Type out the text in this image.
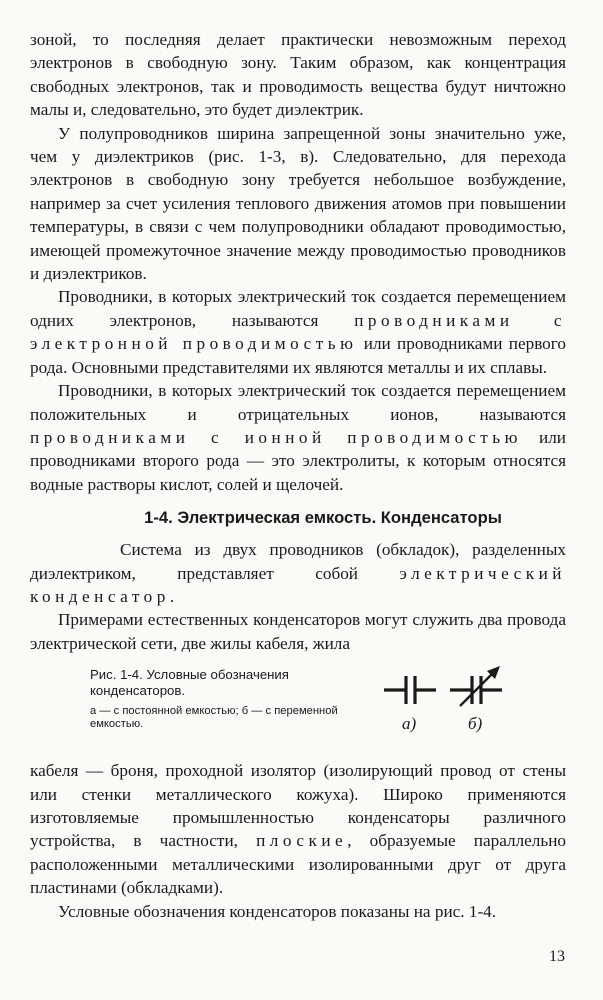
зоной, то последняя делает практически невозможным переход электронов в свободную зону. Таким образом, как концентрация свободных электронов, так и проводимость вещества будут ничтожно малы и, следовательно, это будет диэлектрик.

У полупроводников ширина запрещенной зоны значительно уже, чем у диэлектриков (рис. 1-3, в). Следовательно, для перехода электронов в свободную зону требуется небольшое возбуждение, например за счет усиления теплового движения атомов при повышении температуры, в связи с чем полупроводники обладают проводимостью, имеющей промежуточное значение между проводимостью проводников и диэлектриков.

Проводники, в которых электрический ток создается перемещением одних электронов, называются проводниками с электронной проводимостью или проводниками первого рода. Основными представителями их являются металлы и их сплавы.

Проводники, в которых электрический ток создается перемещением положительных и отрицательных ионов, называются проводниками с ионной проводимостью или проводниками второго рода — это электролиты, к которым относятся водные растворы кислот, солей и щелочей.

1-4. Электрическая емкость. Конденсаторы

Система из двух проводников (обкладок), разделенных диэлектриком, представляет собой электрический конденсатор.

Примерами естественных конденсаторов могут служить два провода электрической сети, две жилы кабеля, жила

Рис. 1-4. Условные обозначения конденсаторов.

а — с постоянной емкостью; б — с переменной емкостью.	а)	б)

кабеля — броня, проходной изолятор (изолирующий провод от стены или стенки металлического кожуха). Широко применяются изготовляемые промышленностью конденсаторы различного устройства, в частности, плоские, образуемые параллельно расположенными металлическими изолированными друг от друга пластинами (обкладками).

Условные обозначения конденсаторов показаны на рис. 1-4.

13
